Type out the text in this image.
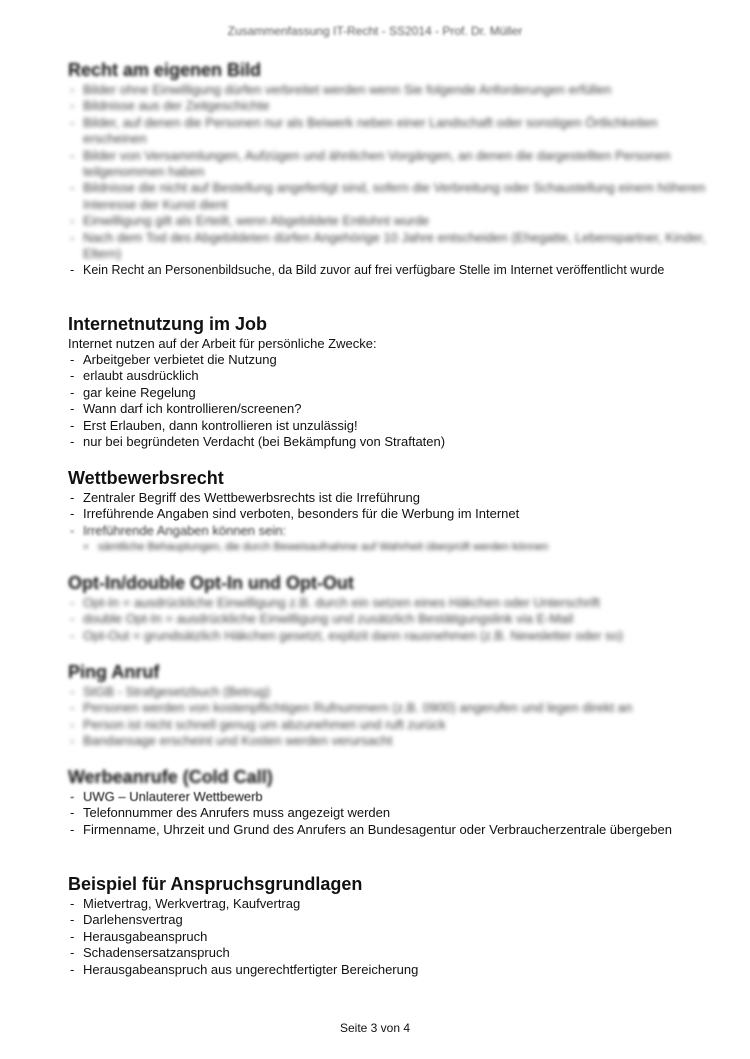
Zusammenfassung IT-Recht - SS2014 - Prof. Dr. Müller
Recht am eigenen Bild
- Bilder ohne Einwilligung dürfen verbreitet werden wenn Sie folgende Anforderungen erfüllen
- Bildnisse aus der Zeitgeschichte
- Bilder, auf denen die Personen nur als Beiwerk neben einer Landschaft oder sonstigen Örtlichkeiten erscheinen
- Bilder von Versammlungen, Aufzügen und ähnlichen Vorgängen, an denen die dargestellten Personen teilgenommen haben
- Bildnisse die nicht auf Bestellung angefertigt sind, sofern die Verbreitung oder Schaustellung einem höheren Interesse der Kunst dient
- Einwilligung gilt als Erteilt, wenn Abgebildete Entlohnt wurde
- Nach dem Tod des Abgebildeten dürfen Angehörige 10 Jahre entscheiden (Ehegatte, Lebenspartner, Kinder, Eltern)
- Kein Recht an Personenbildsuche, da Bild zuvor auf frei verfügbare Stelle im Internet veröffentlicht wurde
Internetnutzung im Job
Internet nutzen auf der Arbeit für persönliche Zwecke:
- Arbeitgeber verbietet die Nutzung
- erlaubt ausdrücklich
- gar keine Regelung
- Wann darf ich kontrollieren/screenen?
- Erst Erlauben, dann kontrollieren ist unzulässig!
- nur bei begründeten Verdacht (bei Bekämpfung von Straftaten)
Wettbewerbsrecht
- Zentraler Begriff des Wettbewerbsrechts ist die Irreführung
- Irreführende Angaben sind verboten, besonders für die Werbung im Internet
- Irreführende Angaben können sein:
▪ sämtliche Behauptungen, die durch Beweisaufnahme auf Wahrheit überprüft werden können
Opt-In/double Opt-In und Opt-Out
- Opt-In = ausdrückliche Einwilligung z.B. durch ein setzen eines Häkchen oder Unterschrift
- double Opt-In = ausdrückliche Einwilligung und zusätzlich Bestätigungslink via E-Mail
- Opt-Out = grundsätzlich Häkchen gesetzt, explizit dann rausnehmen (z.B. Newsletter oder so)
Ping Anruf
- StGB - Strafgesetzbuch (Betrug)
- Personen werden von kostenpflichtigen Rufnummern (z.B. 0900) angerufen und legen direkt an
- Person ist nicht schnell genug um abzunehmen und ruft zurück
- Bandansage erscheint und Kosten werden verursacht
Werbeanrufe (Cold Call)
- UWG – Unlauterer Wettbewerb
- Telefonnummer des Anrufers muss angezeigt werden
- Firmenname, Uhrzeit und Grund des Anrufers an Bundesagentur oder Verbraucherzentrale übergeben
Beispiel für Anspruchsgrundlagen
- Mietvertrag, Werkvertrag, Kaufvertrag
- Darlehensvertrag
- Herausgabeanspruch
- Schadensersatzanspruch
- Herausgabeanspruch aus ungerechtfertigter Bereicherung
Seite 3 von 4
